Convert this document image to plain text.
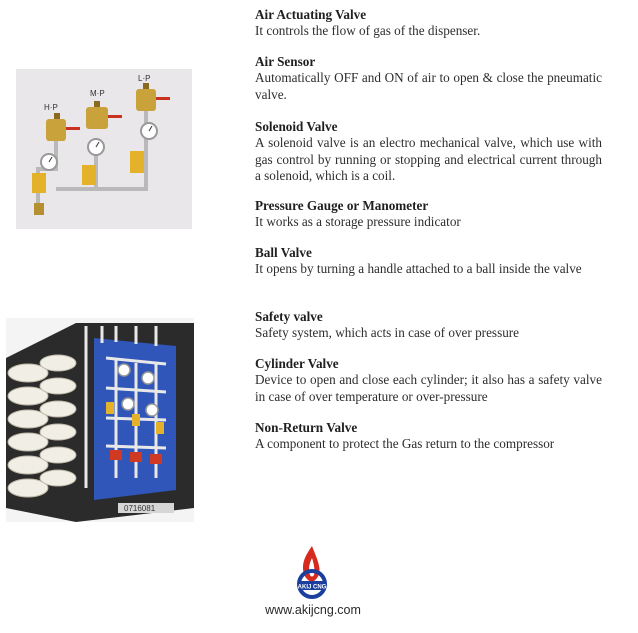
H·P
M·P
L·P
0716081
Air Actuating Valve
It controls the flow of gas of the dispenser.
Air Sensor
Automatically OFF and ON of air to open & close the pneumatic valve.
Solenoid Valve
A solenoid valve is an electro mechanical valve, which use with gas control by running or stopping and electrical current through a solenoid, which is a coil.
Pressure Gauge or Manometer
It works as a storage pressure indicator
Ball Valve
It opens by turning a handle attached to a ball inside the valve
Safety valve
Safety system, which acts in case of over pressure
Cylinder Valve
Device to open and close each cylinder; it also has a safety valve in case of over temperature or over-pressure
Non-Return Valve
A component to protect the Gas return to the compressor
AKIJ CNG
www.akijcng.com
